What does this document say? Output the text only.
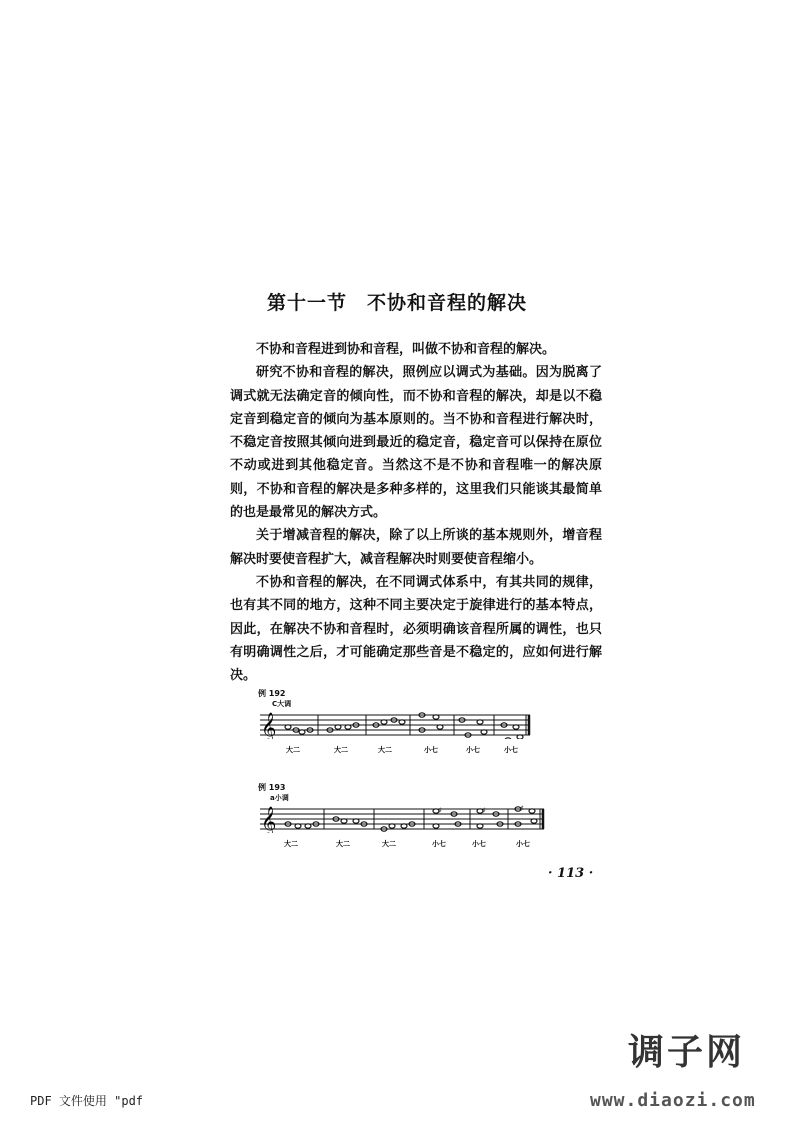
第十一节　不协和音程的解决

不协和音程进到协和音程，叫做不协和音程的解决。

研究不协和音程的解决，照例应以调式为基础。因为脱离了调式就无法确定音的倾向性，而不协和音程的解决，却是以不稳定音到稳定音的倾向为基本原则的。当不协和音程进行解决时，不稳定音按照其倾向进到最近的稳定音，稳定音可以保持在原位不动或进到其他稳定音。当然这不是不协和音程唯一的解决原则，不协和音程的解决是多种多样的，这里我们只能谈其最简单的也是最常见的解决方式。

关于增减音程的解决，除了以上所谈的基本规则外，增音程解决时要使音程扩大，减音程解决时则要使音程缩小。

不协和音程的解决，在不同调式体系中，有其共同的规律，也有其不同的地方，这种不同主要决定于旋律进行的基本特点，因此，在解决不协和音程时，必须明确该音程所属的调性，也只有明确调性之后，才可能确定那些音是不稳定的，应如何进行解决。

例 192
C大调
𝄞
大二	大二	大二	小七	小七	小七
例 193
a小调
𝄞	♯	♯	♯
大二	大二	大二	小七	小七	小七
· 113 ·
调子网
www.diaozi.com
PDF 文件使用 "pdf
